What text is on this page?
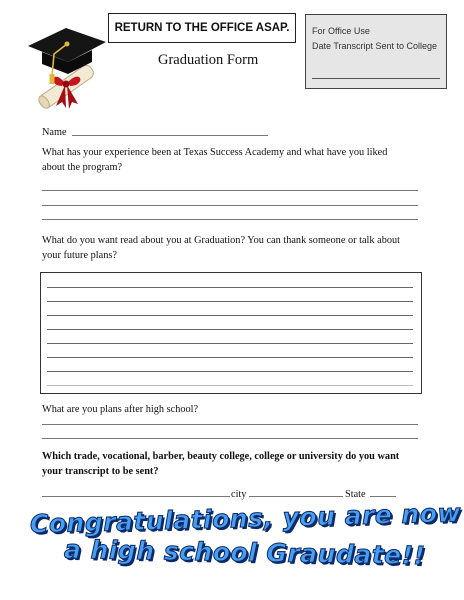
RETURN TO THE OFFICE ASAP.	For Office Use
Date Transcript Sent to College
Graduation Form
Name
What has your experience been at Texas Success Academy and what have you liked about the program?
What do you want read about you at Graduation? You can thank someone or talk about your future plans?
What are you plans after high school?
Which trade, vocational, barber, beauty college, college or university do you want your transcript to be sent?
city	State
Congratulations, you are now
a high school Graudate!!
